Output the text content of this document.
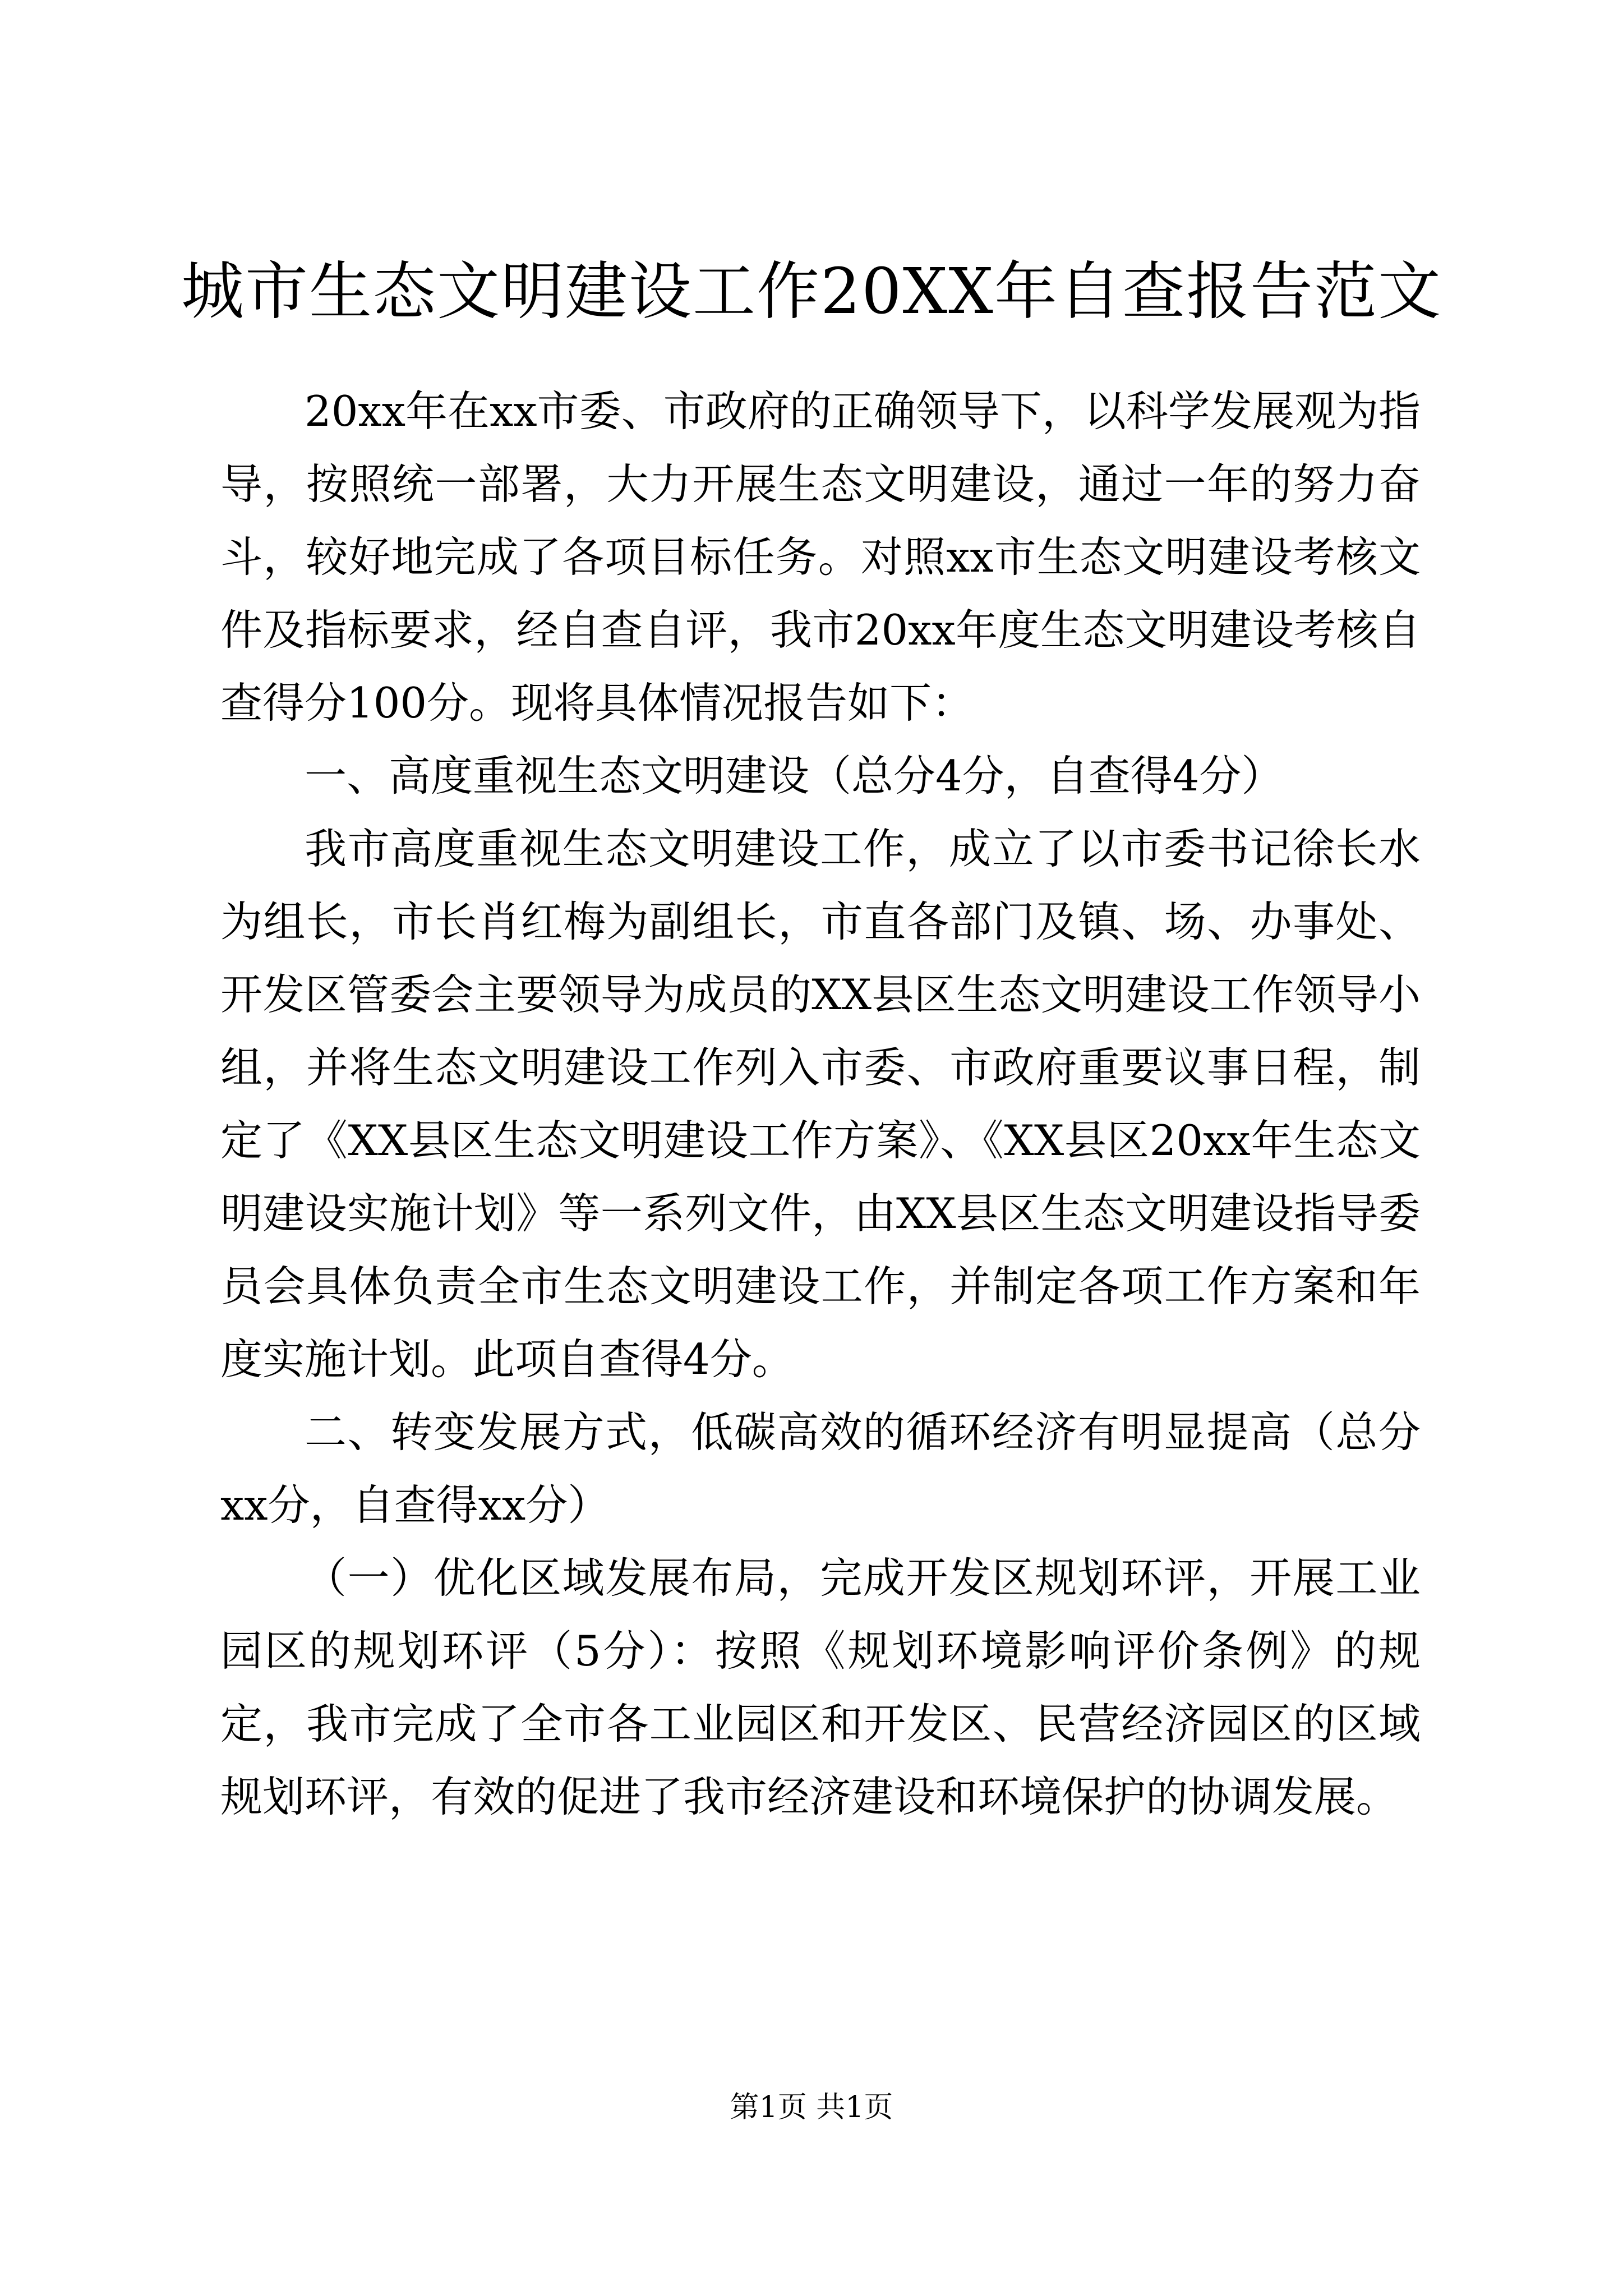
城市生态文明建设工作20XX年自查报告范文

20xx年在xx市委、市政府的正确领导下，以科学发展观为指导，按照统一部署，大力开展生态文明建设，通过一年的努力奋斗，较好地完成了各项目标任务。对照xx市生态文明建设考核文件及指标要求，经自查自评，我市20xx年度生态文明建设考核自查得分100分。现将具体情况报告如下：

一、高度重视生态文明建设（总分4分，自查得4分）

我市高度重视生态文明建设工作，成立了以市委书记徐长水为组长，市长肖红梅为副组长，市直各部门及镇、场、办事处、开发区管委会主要领导为成员的XX县区生态文明建设工作领导小组，并将生态文明建设工作列入市委、市政府重要议事日程，制定了《XX县区生态文明建设工作方案》、《XX县区20xx年生态文明建设实施计划》等一系列文件，由XX县区生态文明建设指导委员会具体负责全市生态文明建设工作，并制定各项工作方案和年度实施计划。此项自查得4分。

二、转变发展方式，低碳高效的循环经济有明显提高（总分xx分，自查得xx分）

（一）优化区域发展布局，完成开发区规划环评，开展工业园区的规划环评（5分）：按照《规划环境影响评价条例》的规定，我市完成了全市各工业园区和开发区、民营经济园区的区域规划环评，有效的促进了我市经济建设和环境保护的协调发展。

第1页 共1页
